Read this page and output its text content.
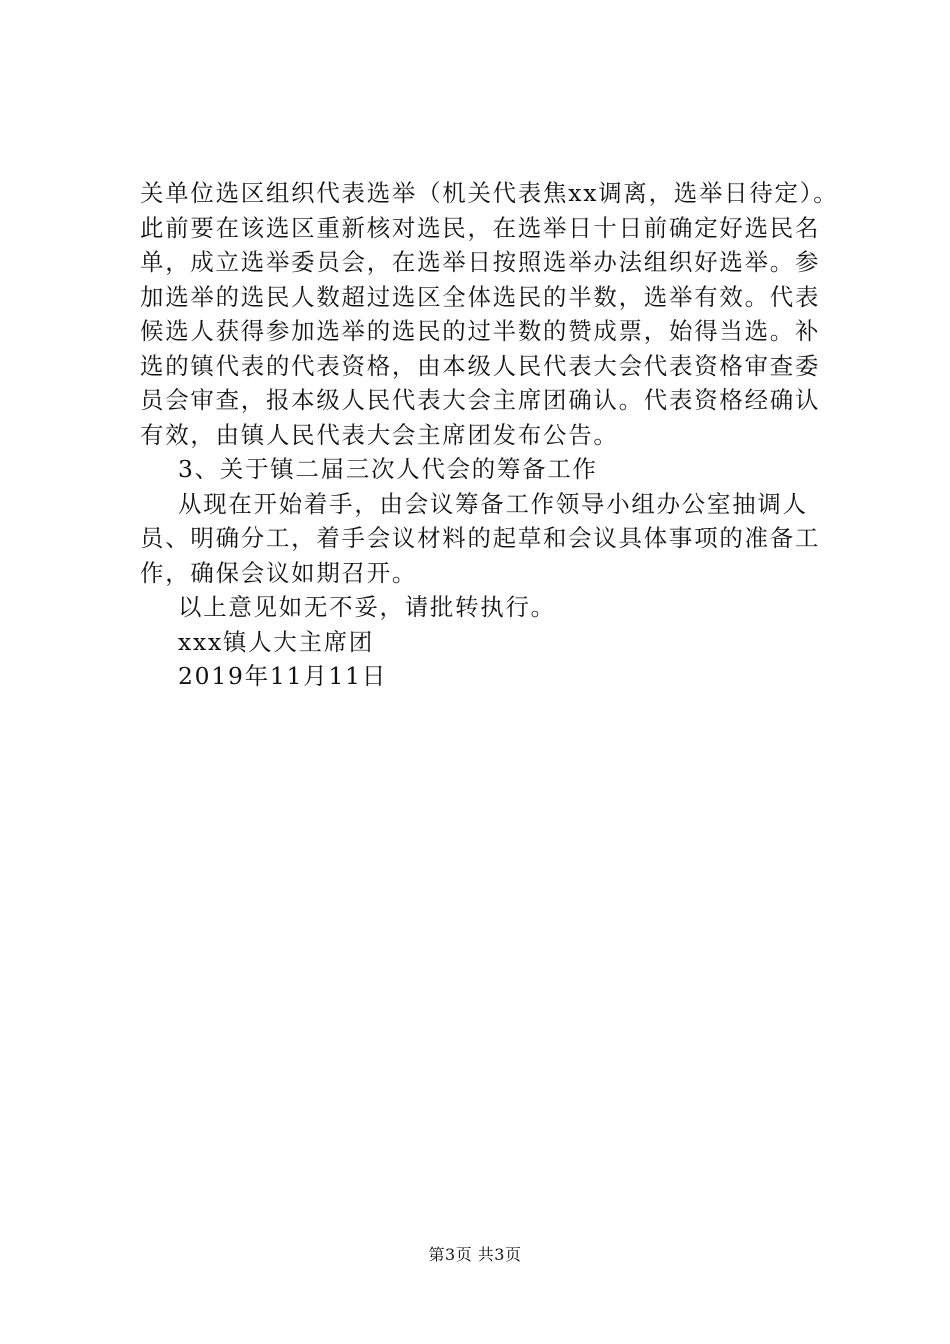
关单位选区组织代表选举（机关代表焦xx调离，选举日待定）。
此前要在该选区重新核对选民，在选举日十日前确定好选民名
单，成立选举委员会，在选举日按照选举办法组织好选举。参
加选举的选民人数超过选区全体选民的半数，选举有效。代表
候选人获得参加选举的选民的过半数的赞成票，始得当选。补
选的镇代表的代表资格，由本级人民代表大会代表资格审查委
员会审查，报本级人民代表大会主席团确认。代表资格经确认
有效，由镇人民代表大会主席团发布公告。
3、关于镇二届三次人代会的筹备工作
从现在开始着手，由会议筹备工作领导小组办公室抽调人
员、明确分工，着手会议材料的起草和会议具体事项的准备工
作，确保会议如期召开。
以上意见如无不妥，请批转执行。
xxx镇人大主席团
2019年11月11日
第3页 共3页
